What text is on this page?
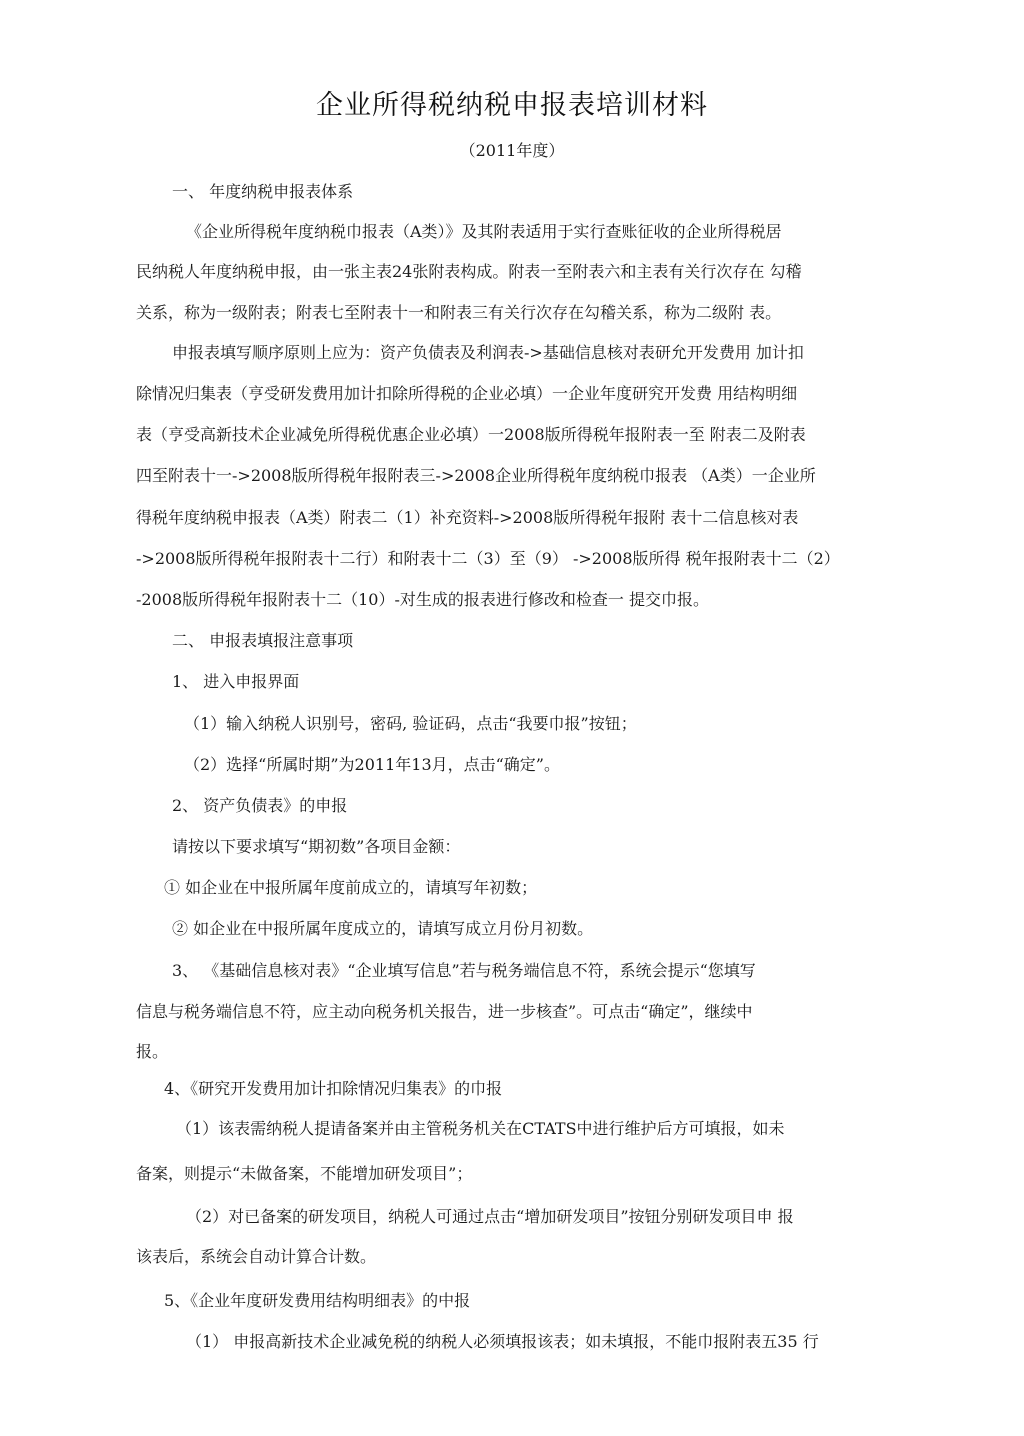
企业所得税纳税申报表培训材料
（2011年度）
一、 年度纳税申报表体系
《企业所得税年度纳税巾报表（A类）》及其附表适用于实行查账征收的企业所得税居
民纳税人年度纳税申报，由一张主表24张附表构成。附表一至附表六和主表有关行次存在 勾稽
关系，称为一级附表；附表七至附表十一和附表三有关行次存在勾稽关系，称为二级附 表。
申报表填写顺序原则上应为：资产负债表及利润表->基础信息核对表研允开发费用 加计扣
除情况归集表（亨受研发费用加计扣除所得税的企业必填）一企业年度研究开发费 用结构明细
表（亨受高新技术企业减免所得税优惠企业必填）一2008版所得税年报附表一至 附表二及附表
四至附表十一->2008版所得税年报附表三->2008企业所得税年度纳税巾报表 （A类）一企业所
得税年度纳税申报表（A类）附表二（1）补充资料->2008版所得税年报附 表十二信息核对表
->2008版所得税年报附表十二行）和附表十二（3）至（9） ->2008版所得 税年报附表十二（2）
-2008版所得税年报附表十二（10）-对生成的报表进行修改和检查一 提交巾报。
二、 申报表填报注意事项
1、 进入申报界面
（1）输入纳税人识别号，密码, 验证码，点击“我要巾报”按钮；
（2）选择“所属时期”为2011年13月，点击“确定”。
2、 资产负债表》的申报
请按以下要求填写“期初数”各项目金额：
① 如企业在中报所属年度前成立的，请填写年初数；
② 如企业在中报所属年度成立的，请填写成立月份月初数。
3、 《基础信息核对表》“企业填写信息”若与税务端信息不符，系统会提示“您填写
信息与税务端信息不符，应主动向税务机关报告，进一步核查”。可点击“确定”，继续中
报。
4、《研究开发费用加计扣除情况归集表》的巾报
（1）该表需纳税人提请备案并由主管税务机关在CTATS中进行维护后方可填报，如未
备案，则提示“未做备案，不能增加研发项目”；
（2）对已备案的研发项目，纳税人可通过点击“增加研发项目”按钮分别研发项目申 报
该表后，系统会自动计算合计数。
5、《企业年度研发费用结构明细表》的中报
（1） 申报高新技术企业减免税的纳税人必须填报该表；如未填报，不能巾报附表五35 行
